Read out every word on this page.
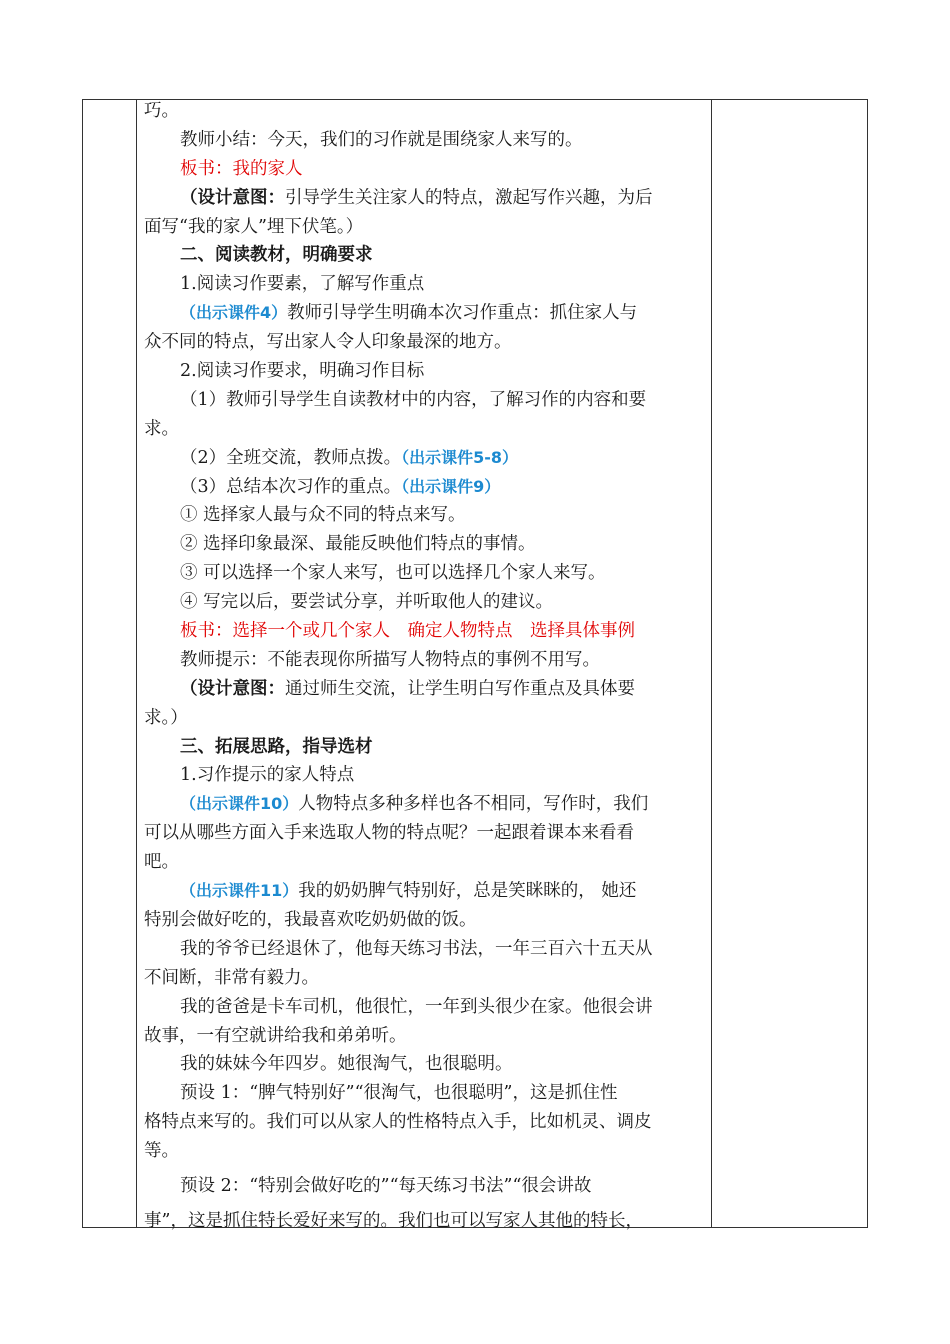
巧。
教师小结：今天，我们的习作就是围绕家人来写的。
板书：我的家人
（设计意图：引导学生关注家人的特点，激起写作兴趣，为后
面写“我的家人”埋下伏笔。）
二、阅读教材，明确要求
1.阅读习作要素，了解写作重点
（出示课件4）教师引导学生明确本次习作重点：抓住家人与
众不同的特点，写出家人令人印象最深的地方。
2.阅读习作要求，明确习作目标
（1）教师引导学生自读教材中的内容，了解习作的内容和要
求。
（2）全班交流，教师点拨。（出示课件5-8）
（3）总结本次习作的重点。（出示课件9）
① 选择家人最与众不同的特点来写。
② 选择印象最深、最能反映他们特点的事情。
③ 可以选择一个家人来写，也可以选择几个家人来写。
④ 写完以后，要尝试分享，并听取他人的建议。
板书：选择一个或几个家人　确定人物特点　选择具体事例
教师提示：不能表现你所描写人物特点的事例不用写。
（设计意图：通过师生交流，让学生明白写作重点及具体要
求。）
三、拓展思路，指导选材
1.习作提示的家人特点
（出示课件10）人物特点多种多样也各不相同，写作时，我们
可以从哪些方面入手来选取人物的特点呢？一起跟着课本来看看
吧。
（出示课件11）我的奶奶脾气特别好，总是笑眯眯的， 她还
特别会做好吃的，我最喜欢吃奶奶做的饭。
我的爷爷已经退休了，他每天练习书法，一年三百六十五天从
不间断，非常有毅力。
我的爸爸是卡车司机，他很忙，一年到头很少在家。他很会讲
故事，一有空就讲给我和弟弟听。
我的妹妹今年四岁。她很淘气，也很聪明。
预设 1：“脾气特别好”“很淘气，也很聪明”，这是抓住性
格特点来写的。我们可以从家人的性格特点入手，比如机灵、调皮
等。
预设 2：“特别会做好吃的”“每天练习书法”“很会讲故
事”，这是抓住特长爱好来写的。我们也可以写家人其他的特长，
